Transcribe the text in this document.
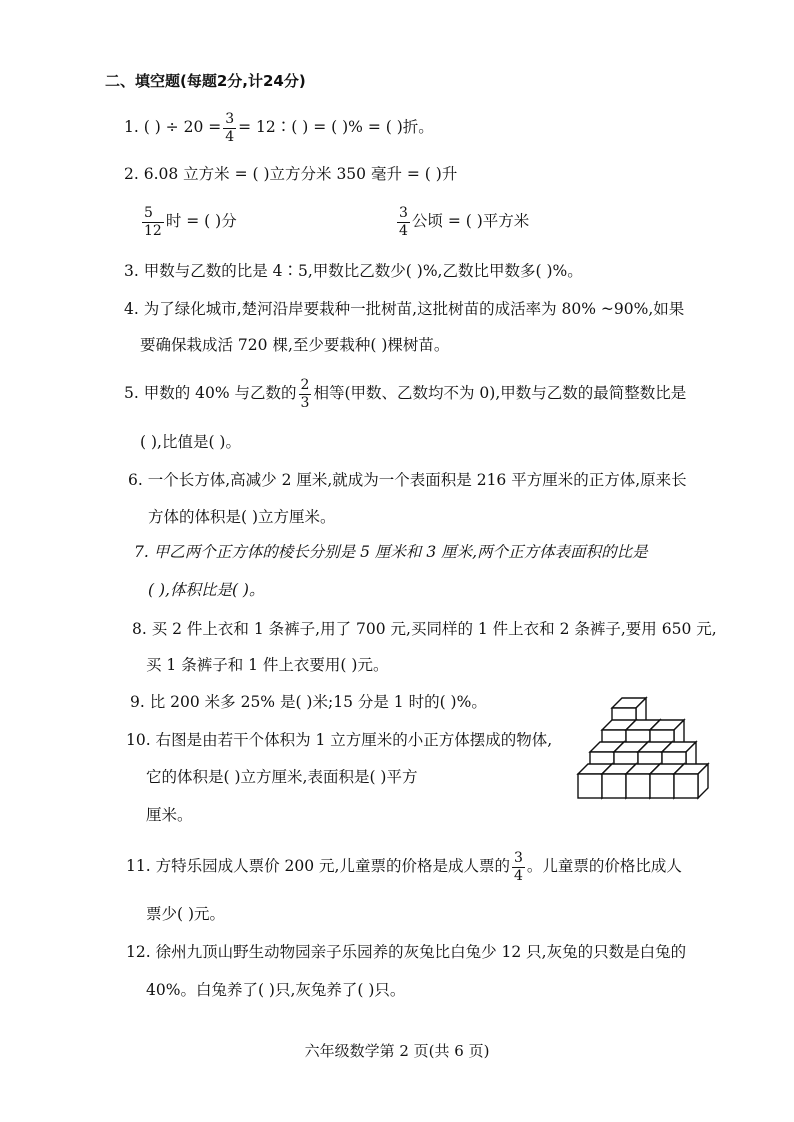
二、填空题(每题2分,计24分)
1. ( ) ÷ $20 = \frac{3}{4}$ = 12∶( ) = ( )% = ( )折。
2. 6.08 立方米 = ( )立方分米 350 毫升 = ( )升
$\frac{5}{12}$ 时 = ( )分	$\frac{3}{4}$ 公顷 = ( )平方米
3. 甲数与乙数的比是 4∶5,甲数比乙数少( )%,乙数比甲数多( )%。
4. 为了绿化城市,楚河沿岸要栽种一批树苗,这批树苗的成活率为 80% ~90%,如果
要确保栽成活 720 棵,至少要栽种( )棵树苗。
5. 甲数的 40% 与乙数的 $\frac{2}{3}$ 相等(甲数、乙数均不为 0),甲数与乙数的最简整数比是
( ),比值是( )。
6. 一个长方体,高减少 2 厘米,就成为一个表面积是 216 平方厘米的正方体,原来长
方体的体积是( )立方厘米。
7. 甲乙两个正方体的棱长分别是 5 厘米和 3 厘米,两个正方体表面积的比是
( ),体积比是( )。
8. 买 2 件上衣和 1 条裤子,用了 700 元,买同样的 1 件上衣和 2 条裤子,要用 650 元,
买 1 条裤子和 1 件上衣要用( )元。
9. 比 200 米多 25% 是( )米;15 分是 1 时的( )%。
10. 右图是由若干个体积为 1 立方厘米的小正方体摆成的物体,
它的体积是( )立方厘米,表面积是( )平方
厘米。
11. 方特乐园成人票价 200 元,儿童票的价格是成人票的 $\frac{3}{4}$ 。儿童票的价格比成人
票少( )元。
12. 徐州九顶山野生动物园亲子乐园养的灰兔比白兔少 12 只,灰兔的只数是白兔的
40%。白兔养了( )只,灰兔养了( )只。
六年级数学第 2 页(共 6 页)
